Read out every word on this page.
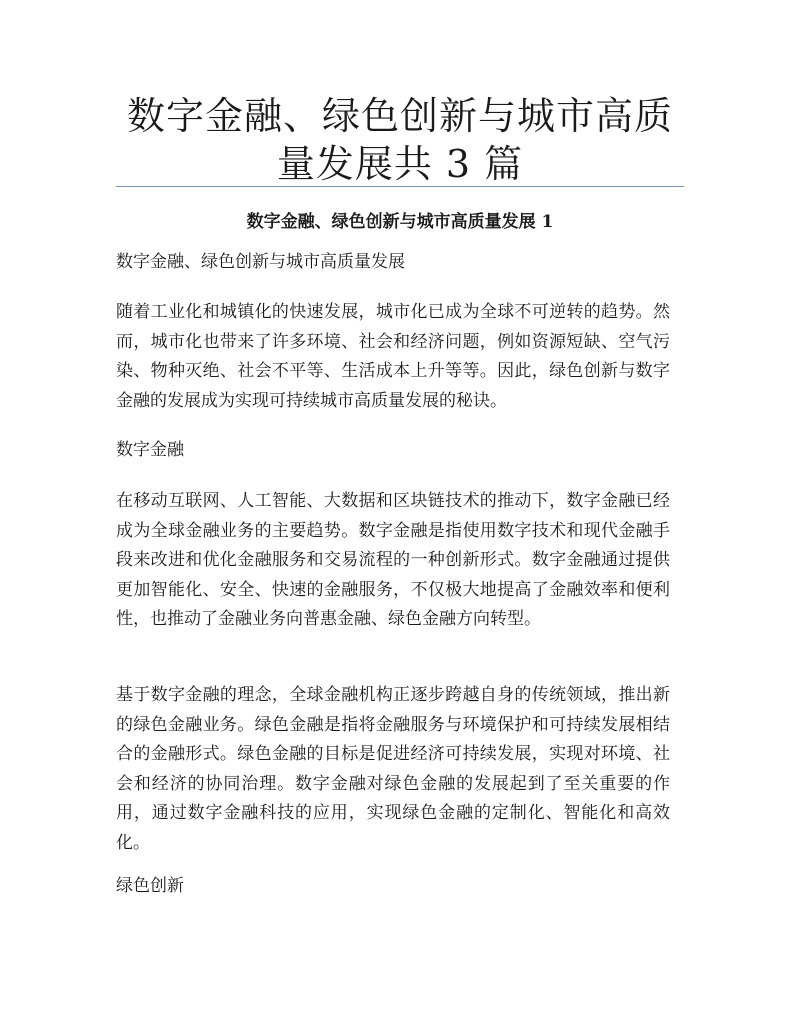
数字金融、绿色创新与城市高质量发展共 3 篇
数字金融、绿色创新与城市高质量发展 1

数字金融、绿色创新与城市高质量发展

随着工业化和城镇化的快速发展，城市化已成为全球不可逆转的趋势。然而，城市化也带来了许多环境、社会和经济问题，例如资源短缺、空气污染、物种灭绝、社会不平等、生活成本上升等等。因此，绿色创新与数字金融的发展成为实现可持续城市高质量发展的秘诀。

数字金融

在移动互联网、人工智能、大数据和区块链技术的推动下，数字金融已经成为全球金融业务的主要趋势。数字金融是指使用数字技术和现代金融手段来改进和优化金融服务和交易流程的一种创新形式。数字金融通过提供更加智能化、安全、快速的金融服务，不仅极大地提高了金融效率和便利性，也推动了金融业务向普惠金融、绿色金融方向转型。

基于数字金融的理念，全球金融机构正逐步跨越自身的传统领域，推出新的绿色金融业务。绿色金融是指将金融服务与环境保护和可持续发展相结合的金融形式。绿色金融的目标是促进经济可持续发展，实现对环境、社会和经济的协同治理。数字金融对绿色金融的发展起到了至关重要的作用，通过数字金融科技的应用，实现绿色金融的定制化、智能化和高效化。

绿色创新
